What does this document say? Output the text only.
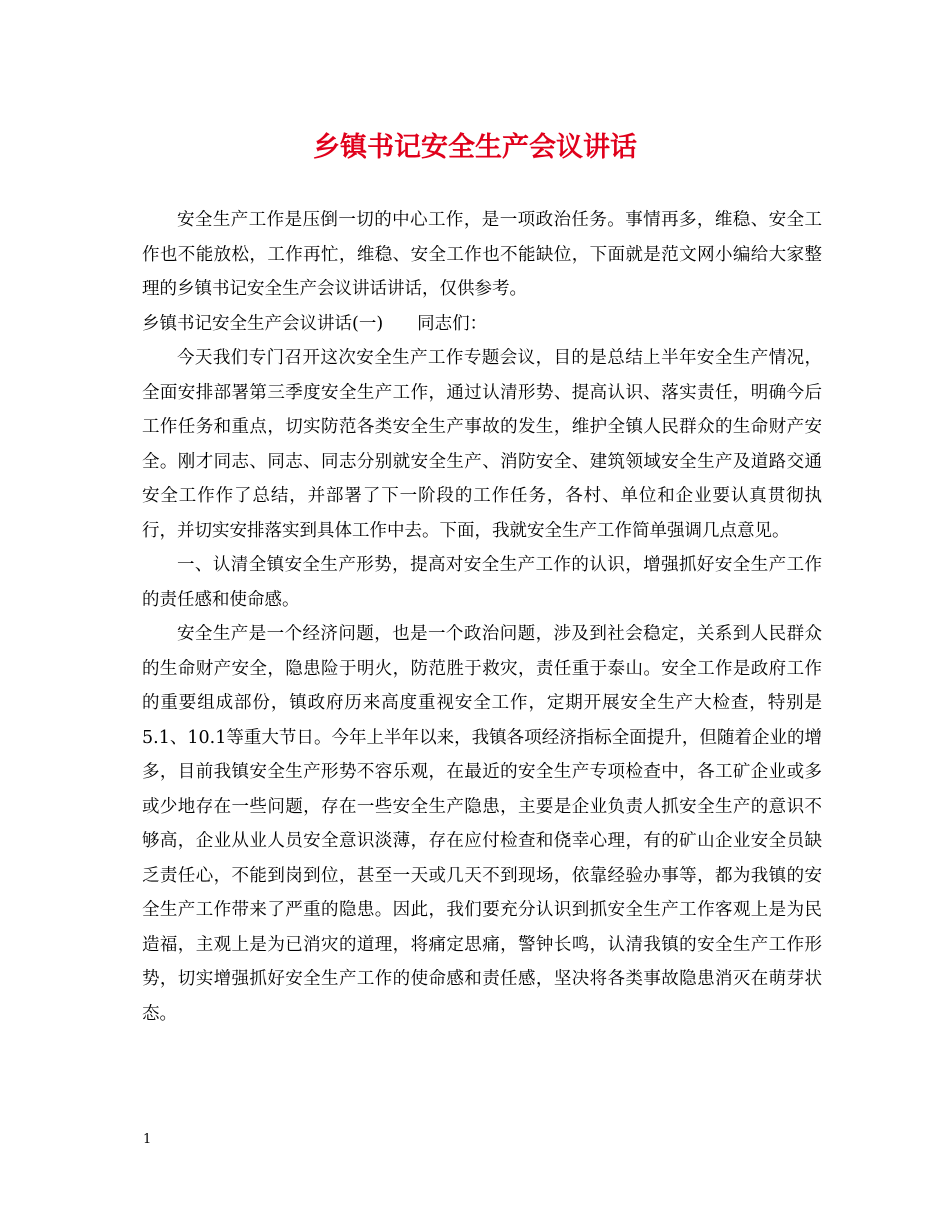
乡镇书记安全生产会议讲话

安全生产工作是压倒一切的中心工作，是一项政治任务。事情再多，维稳、安全工作也不能放松，工作再忙，维稳、安全工作也不能缺位，下面就是范文网小编给大家整理的乡镇书记安全生产会议讲话讲话，仅供参考。

乡镇书记安全生产会议讲话(一) 同志们：

今天我们专门召开这次安全生产工作专题会议，目的是总结上半年安全生产情况，全面安排部署第三季度安全生产工作，通过认清形势、提高认识、落实责任，明确今后工作任务和重点，切实防范各类安全生产事故的发生，维护全镇人民群众的生命财产安全。刚才同志、同志、同志分别就安全生产、消防安全、建筑领域安全生产及道路交通安全工作作了总结，并部署了下一阶段的工作任务，各村、单位和企业要认真贯彻执行，并切实安排落实到具体工作中去。下面，我就安全生产工作简单强调几点意见。

一、认清全镇安全生产形势，提高对安全生产工作的认识，增强抓好安全生产工作的责任感和使命感。

安全生产是一个经济问题，也是一个政治问题，涉及到社会稳定，关系到人民群众的生命财产安全，隐患险于明火，防范胜于救灾，责任重于泰山。安全工作是政府工作的重要组成部份，镇政府历来高度重视安全工作，定期开展安全生产大检查，特别是5.1、10.1等重大节日。今年上半年以来，我镇各项经济指标全面提升，但随着企业的增多，目前我镇安全生产形势不容乐观，在最近的安全生产专项检查中，各工矿企业或多或少地存在一些问题，存在一些安全生产隐患，主要是企业负责人抓安全生产的意识不够高，企业从业人员安全意识淡薄，存在应付检查和侥幸心理，有的矿山企业安全员缺乏责任心，不能到岗到位，甚至一天或几天不到现场，依靠经验办事等，都为我镇的安全生产工作带来了严重的隐患。因此，我们要充分认识到抓安全生产工作客观上是为民造福，主观上是为已消灾的道理，将痛定思痛，警钟长鸣，认清我镇的安全生产工作形势，切实增强抓好安全生产工作的使命感和责任感，坚决将各类事故隐患消灭在萌芽状态。

1
